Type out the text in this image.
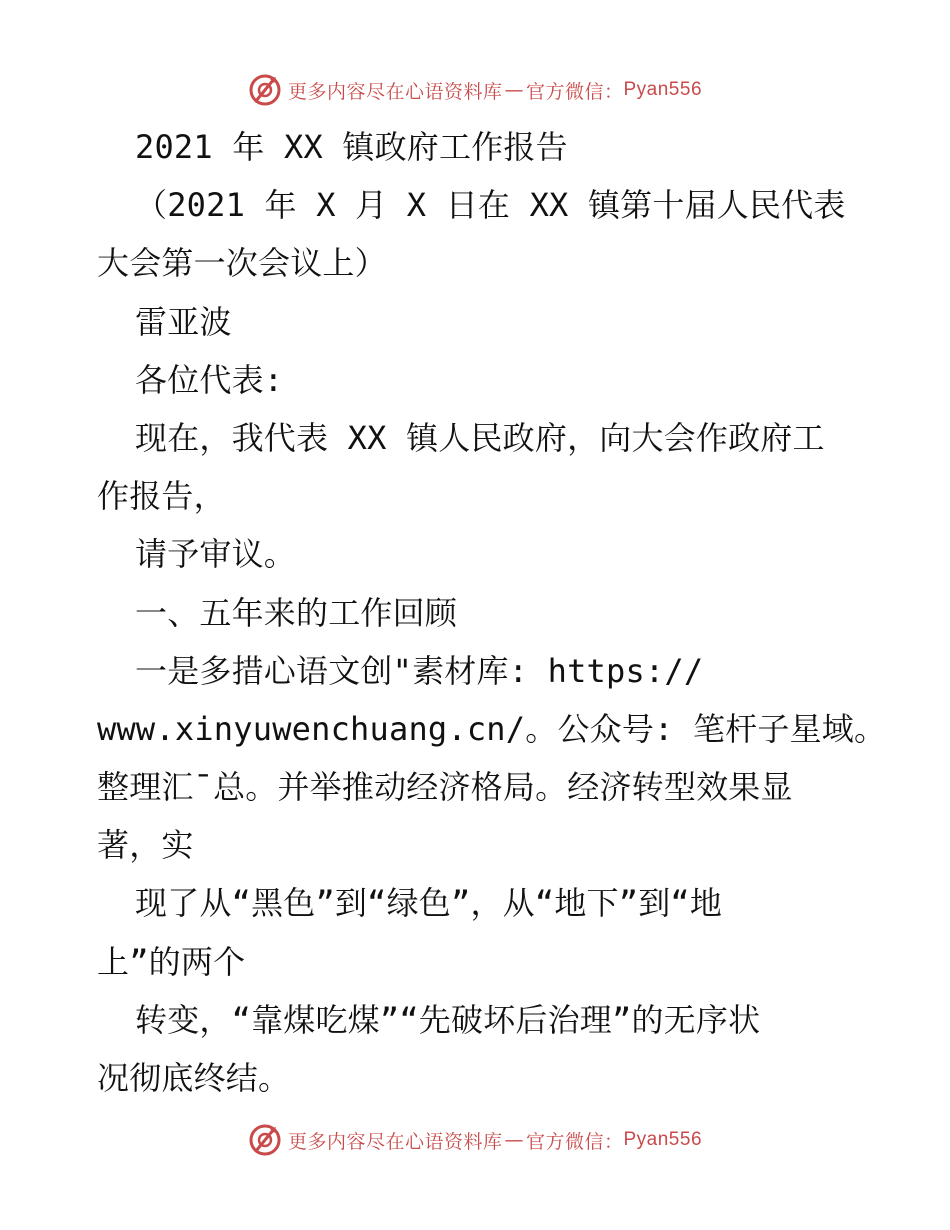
更多内容尽在心语资料库 — 官方微信： Pyan556
2021 年 XX 镇政府工作报告
（2021 年 X 月 X 日在 XX 镇第十届人民代表
大会第一次会议上）
雷亚波
各位代表:
现在，我代表 XX 镇人民政府，向大会作政府工
作报告，
请予审议。
一、五年来的工作回顾
一是多措心语文创"素材库: https://
www.xinyuwenchuang.cn/。公众号: 笔杆子星域。
整理汇¯总。并举推动经济格局。经济转型效果显
著，实
现了从“黑色”到“绿色”，从“地下”到“地
上”的两个
转变，“靠煤吃煤”“先破坏后治理”的无序状
况彻底终结。
更多内容尽在心语资料库 — 官方微信： Pyan556
